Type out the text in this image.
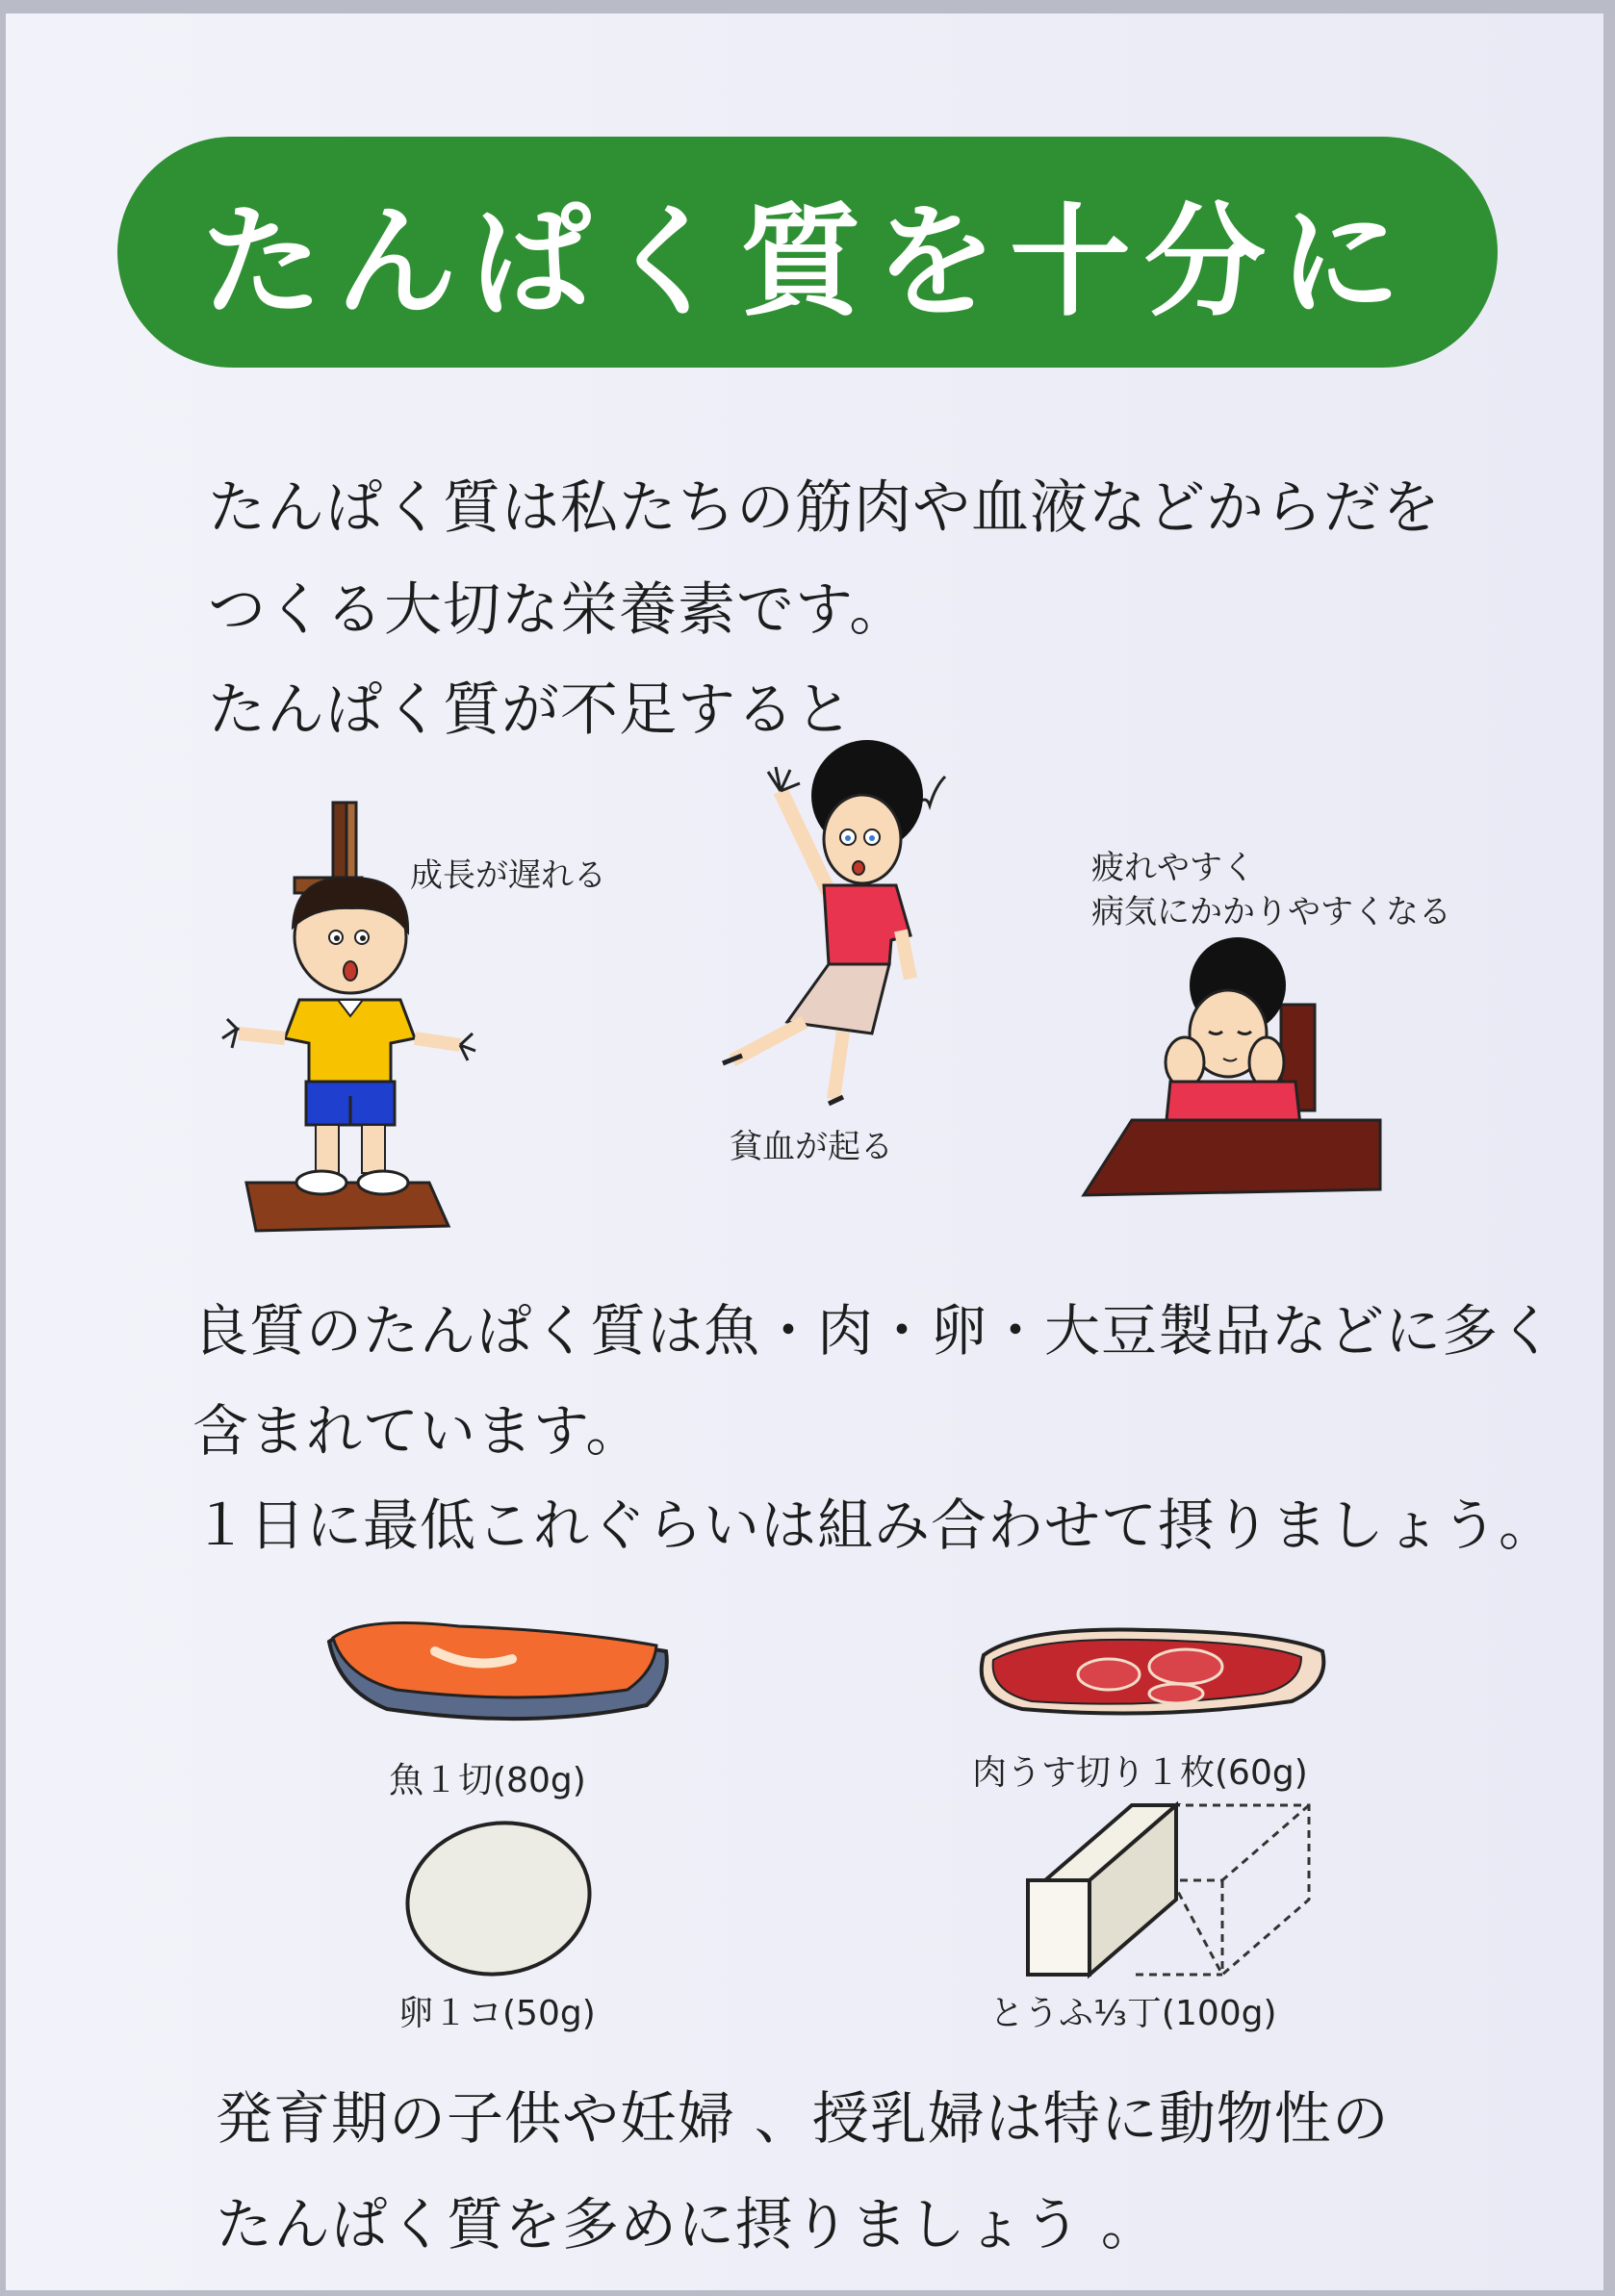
たんぱく質を十分に
たんぱく質は私たちの筋肉や血液などからだを
つくる大切な栄養素です。
たんぱく質が不足すると
成長が遅れる
貧血が起る
疲れやすく
病気にかかりやすくなる
良質のたんぱく質は魚・肉・卵・大豆製品などに多く
含まれています。
１日に最低これぐらいは組み合わせて摂りましょう。
魚１切(80g)	肉うす切り１枚(60g)
卵１コ(50g)	とうふ⅓丁(100g)
発育期の子供や妊婦 、授乳婦は特に動物性の
たんぱく質を多めに摂りましょう 。
